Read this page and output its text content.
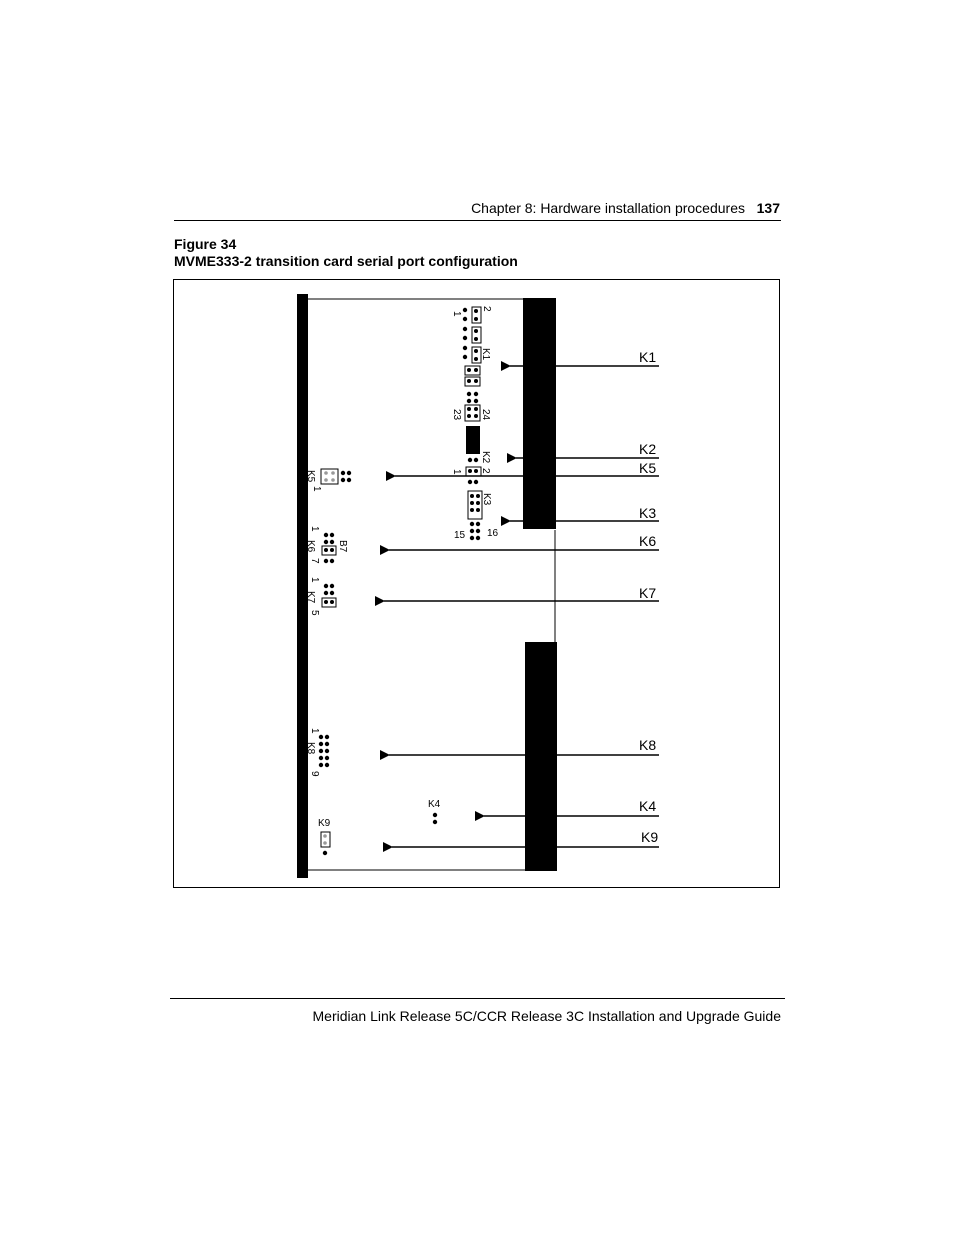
Chapter 8: Hardware installation procedures 137
Figure 34
MVME333-2 transition card serial port configuration
1
2
K1
23 24
K2
1 2
K3
15 16
K5
1
1
K6
7
B7
1
K7
5
1
K8
9
K4
K9
K1
K2
K5
K3
K6
K7
K8
K4
K9
Meridian Link Release 5C/CCR Release 3C Installation and Upgrade Guide
